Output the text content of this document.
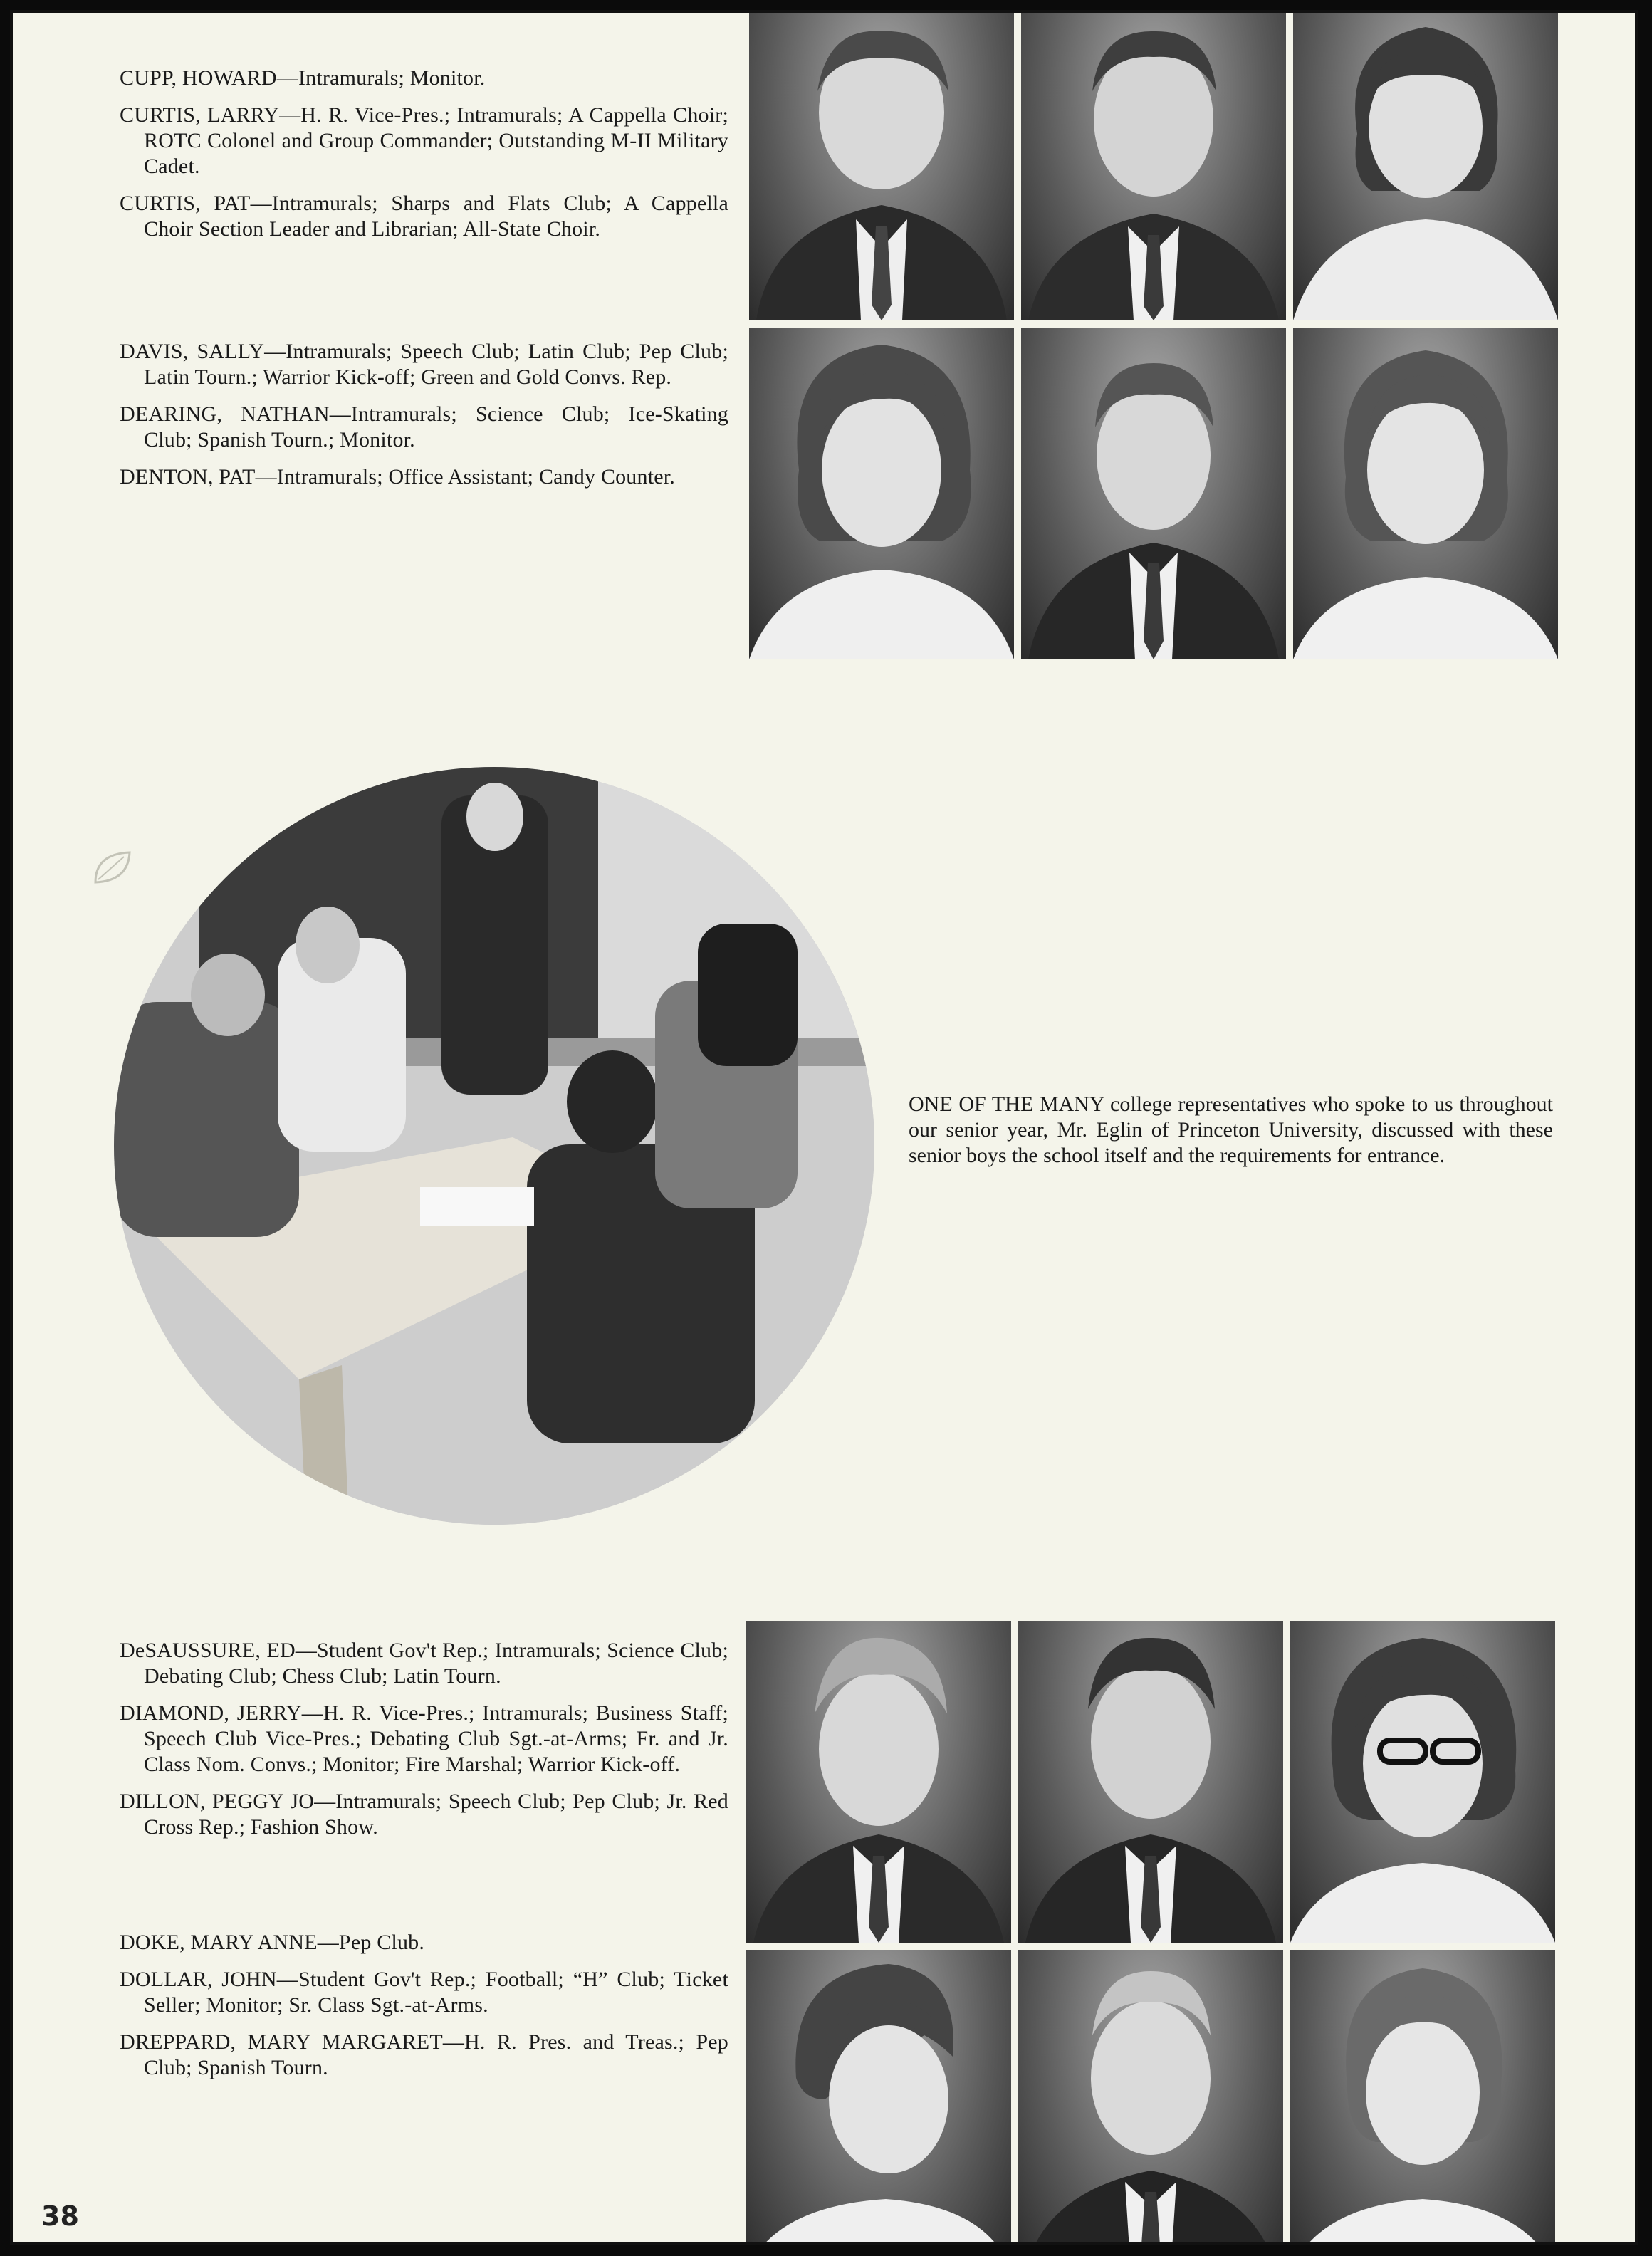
CUPP, HOWARD—Intramurals; Monitor.

CURTIS, LARRY—H. R. Vice-Pres.; Intramurals; A Cappella Choir; ROTC Colonel and Group Commander; Outstanding M-II Military Cadet.

CURTIS, PAT—Intramurals; Sharps and Flats Club; A Cappella Choir Section Leader and Librarian; All-State Choir.

DAVIS, SALLY—Intramurals; Speech Club; Latin Club; Pep Club; Latin Tourn.; Warrior Kick-off; Green and Gold Convs. Rep.

DEARING, NATHAN—Intramurals; Science Club; Ice-Skating Club; Spanish Tourn.; Monitor.

DENTON, PAT—Intramurals; Office Assistant; Candy Counter.

ONE OF THE MANY college representatives who spoke to us throughout our senior year, Mr. Eglin of Princeton University, discussed with these senior boys the school itself and the requirements for entrance.

DeSAUSSURE, ED—Student Gov't Rep.; Intramurals; Science Club; Debating Club; Chess Club; Latin Tourn.

DIAMOND, JERRY—H. R. Vice-Pres.; Intramurals; Business Staff; Speech Club Vice-Pres.; Debating Club Sgt.-at-Arms; Fr. and Jr. Class Nom. Convs.; Monitor; Fire Marshal; Warrior Kick-off.

DILLON, PEGGY JO—Intramurals; Speech Club; Pep Club; Jr. Red Cross Rep.; Fashion Show.

DOKE, MARY ANNE—Pep Club.

DOLLAR, JOHN—Student Gov't Rep.; Football; “H” Club; Ticket Seller; Monitor; Sr. Class Sgt.-at-Arms.

DREPPARD, MARY MARGARET—H. R. Pres. and Treas.; Pep Club; Spanish Tourn.

38
